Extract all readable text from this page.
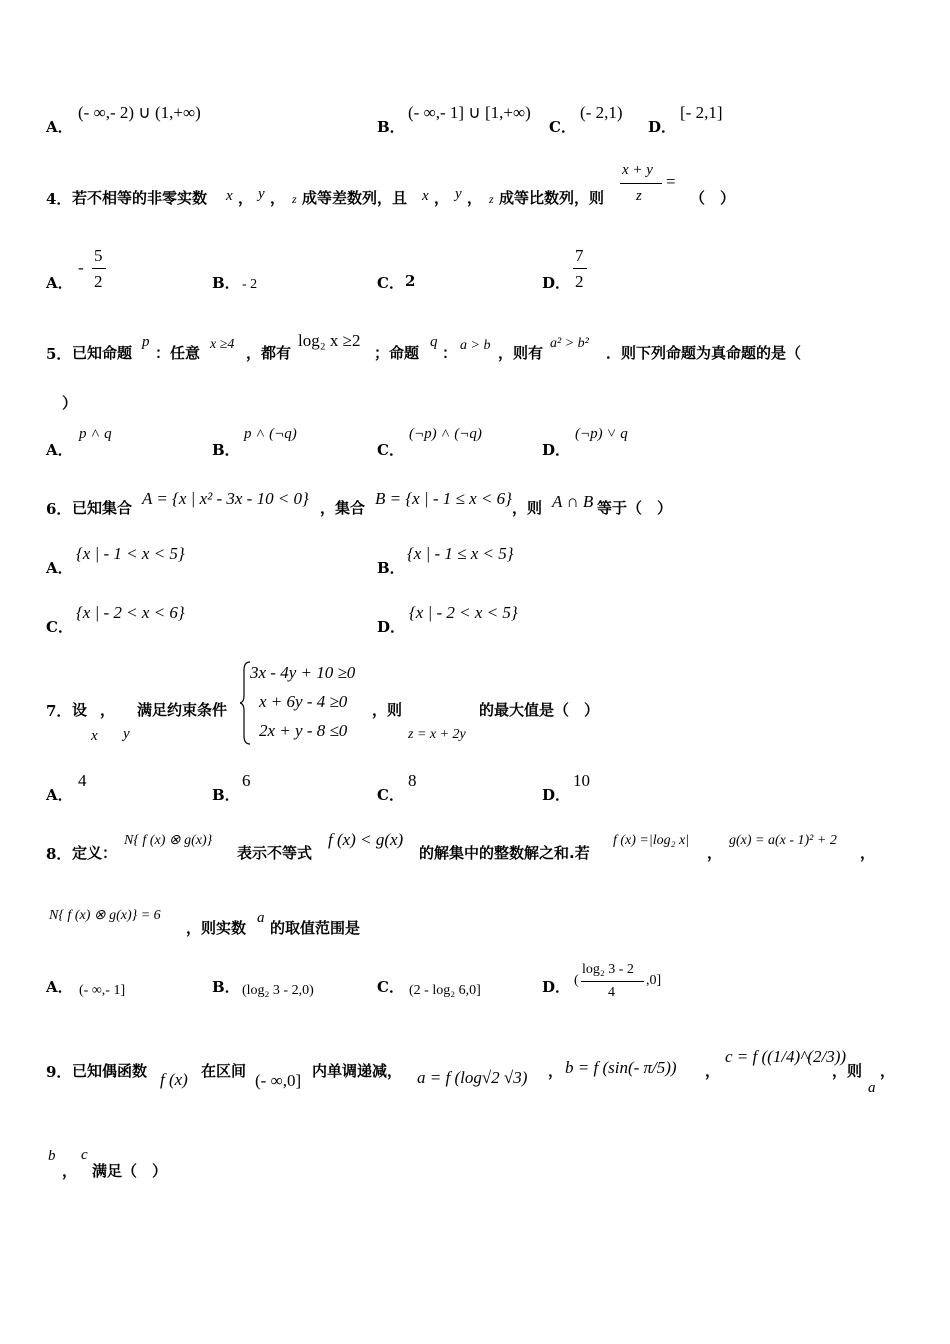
A．
(- ∞,- 2) ∪ (1,+∞)
B．
(- ∞,- 1] ∪ [1,+∞)
C．
(- 2,1)
D．
[- 2,1]
4． 若不相等的非零实数 x ， y ， z 成等差数列，且 x ， y ， z 成等比数列，则
x + y
z
=
（　）
A．
-
5
2	B． - 2	C． 2	D．
7
2
5． 已知命题
p
：任意 x ≥4 ，都有
log₂ x ≥2
；命题
q
： a > b ，则有
a² > b²
．则下列命题为真命题的是（
）
A．
p ˄ q
B．
p ˄ (¬q)
C．
(¬p) ˄ (¬q)
D．
(¬p) ˅ q
6． 已知集合 A = {x | x² - 3x - 10 < 0} ，集合 B = {x | - 1 ≤ x < 6} ，则 A ∩ B 等于（　）
A．
{x | - 1 < x < 5}
B．
{x | - 1 ≤ x < 5}
C．
{x | - 2 < x < 6}
D．
{x | - 2 < x < 5}
7． 设 ， 满足约束条件
x y
3x - 4y + 10 ≥0
x + 6y - 4 ≥0
2x + y - 8 ≤0
，则
z = x + 2y
的最大值是（　）
A．
4
B．
6
C．
8
D．
10
8． 定义：
N{ f (x) ⊗ g(x)}
表示不等式
f (x) < g(x)
的解集中的整数解之和.若
f (x) =|log₂ x|
，
g(x) = a(x - 1)² + 2
，
N{ f (x) ⊗ g(x)} = 6
，则实数
a
的取值范围是
A． (- ∞,- 1]	B． (log₂ 3 - 2,0)	C． (2 - log₂ 6,0]	D． (
log₂ 3 - 2
4
,0]
9． 已知偶函数 f (x) 在区间 (- ∞,0] 内单调递减， a = f (log√2 √3) ， b = f (sin(- π/5)) ，
c = f ((1/4)^(2/3))
，则
a
，
b
，
c
满足（　）
